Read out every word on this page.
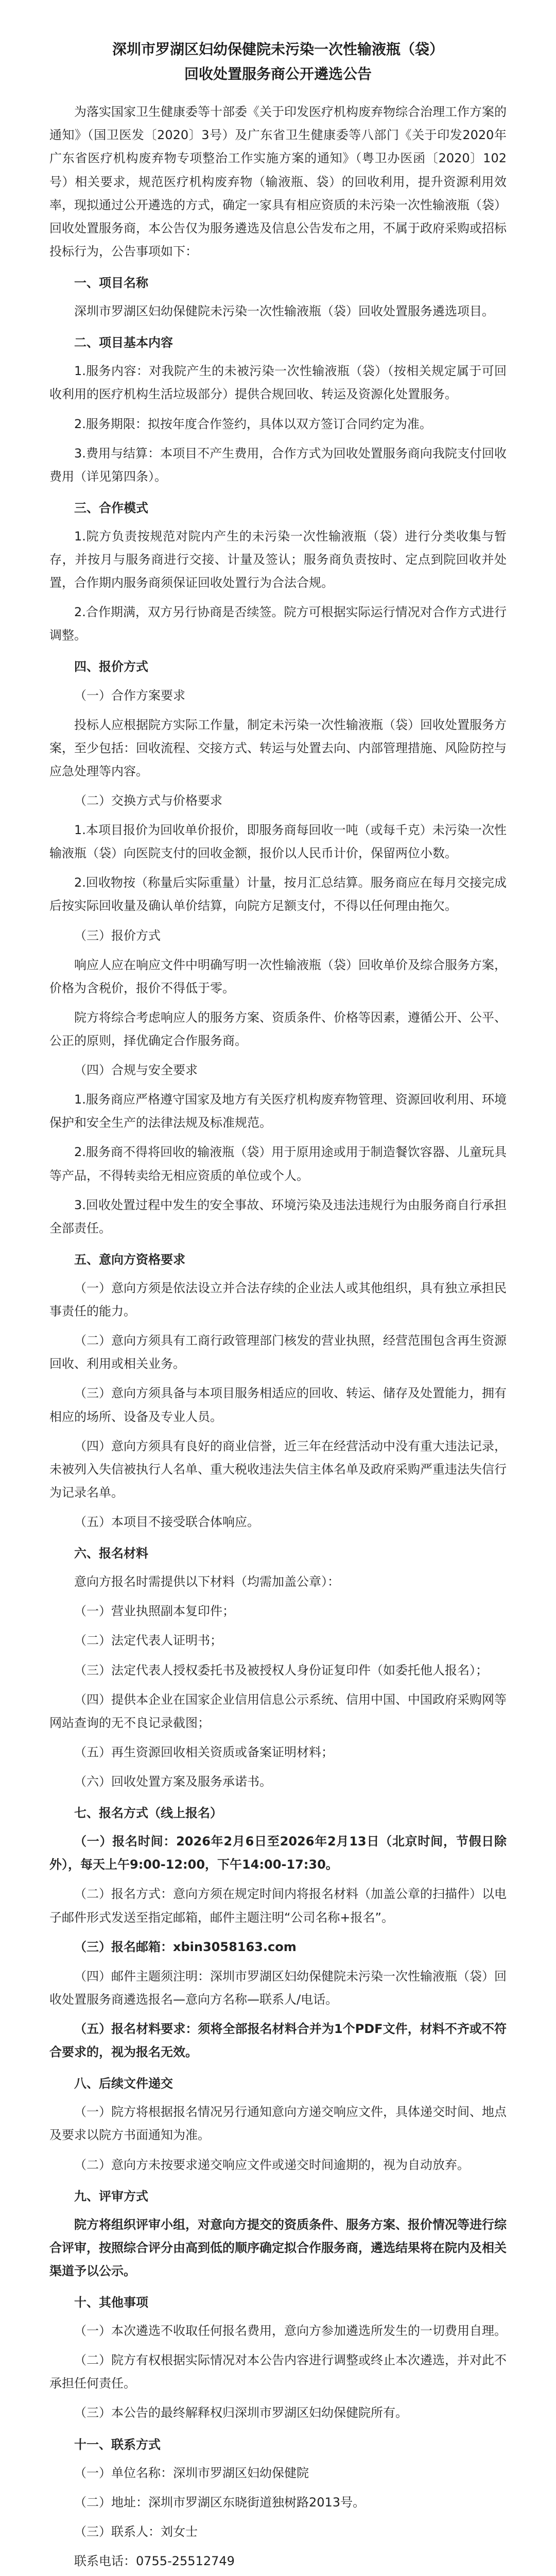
深圳市罗湖区妇幼保健院未污染一次性输液瓶（袋）
回收处置服务商公开遴选公告

为落实国家卫生健康委等十部委《关于印发医疗机构废弃物综合治理工作方案的通知》（国卫医发〔2020〕3号）及广东省卫生健康委等八部门《关于印发2020年广东省医疗机构废弃物专项整治工作实施方案的通知》（粤卫办医函〔2020〕102号）相关要求，规范医疗机构废弃物（输液瓶、袋）的回收利用，提升资源利用效率，现拟通过公开遴选的方式，确定一家具有相应资质的未污染一次性输液瓶（袋）回收处置服务商，本公告仅为服务遴选及信息公告发布之用，不属于政府采购或招标投标行为，公告事项如下：

一、项目名称

深圳市罗湖区妇幼保健院未污染一次性输液瓶（袋）回收处置服务遴选项目。

二、项目基本内容

1.服务内容：对我院产生的未被污染一次性输液瓶（袋）（按相关规定属于可回收利用的医疗机构生活垃圾部分）提供合规回收、转运及资源化处置服务。

2.服务期限：拟按年度合作签约，具体以双方签订合同约定为准。

3.费用与结算：本项目不产生费用，合作方式为回收处置服务商向我院支付回收费用（详见第四条）。

三、合作模式

1.院方负责按规范对院内产生的未污染一次性输液瓶（袋）进行分类收集与暂存，并按月与服务商进行交接、计量及签认；服务商负责按时、定点到院回收并处置，合作期内服务商须保证回收处置行为合法合规。

2.合作期满，双方另行协商是否续签。院方可根据实际运行情况对合作方式进行调整。

四、报价方式

（一）合作方案要求

投标人应根据院方实际工作量，制定未污染一次性输液瓶（袋）回收处置服务方案，至少包括：回收流程、交接方式、转运与处置去向、内部管理措施、风险防控与应急处理等内容。

（二）交换方式与价格要求

1.本项目报价为回收单价报价，即服务商每回收一吨（或每千克）未污染一次性输液瓶（袋）向医院支付的回收金额，报价以人民币计价，保留两位小数。

2.回收物按（称量后实际重量）计量，按月汇总结算。服务商应在每月交接完成后按实际回收量及确认单价结算，向院方足额支付，不得以任何理由拖欠。

（三）报价方式

响应人应在响应文件中明确写明一次性输液瓶（袋）回收单价及综合服务方案，价格为含税价，报价不得低于零。

院方将综合考虑响应人的服务方案、资质条件、价格等因素，遵循公开、公平、公正的原则，择优确定合作服务商。

（四）合规与安全要求

1.服务商应严格遵守国家及地方有关医疗机构废弃物管理、资源回收利用、环境保护和安全生产的法律法规及标准规范。

2.服务商不得将回收的输液瓶（袋）用于原用途或用于制造餐饮容器、儿童玩具等产品，不得转卖给无相应资质的单位或个人。

3.回收处置过程中发生的安全事故、环境污染及违法违规行为由服务商自行承担全部责任。

五、意向方资格要求

（一）意向方须是依法设立并合法存续的企业法人或其他组织，具有独立承担民事责任的能力。

（二）意向方须具有工商行政管理部门核发的营业执照，经营范围包含再生资源回收、利用或相关业务。

（三）意向方须具备与本项目服务相适应的回收、转运、储存及处置能力，拥有相应的场所、设备及专业人员。

（四）意向方须具有良好的商业信誉，近三年在经营活动中没有重大违法记录，未被列入失信被执行人名单、重大税收违法失信主体名单及政府采购严重违法失信行为记录名单。

（五）本项目不接受联合体响应。

六、报名材料

意向方报名时需提供以下材料（均需加盖公章）：

（一）营业执照副本复印件；

（二）法定代表人证明书；

（三）法定代表人授权委托书及被授权人身份证复印件（如委托他人报名）；

（四）提供本企业在国家企业信用信息公示系统、信用中国、中国政府采购网等网站查询的无不良记录截图；

（五）再生资源回收相关资质或备案证明材料；

（六）回收处置方案及服务承诺书。

七、报名方式（线上报名）

（一）报名时间：2026年2月6日至2026年2月13日（北京时间，节假日除外），每天上午9:00-12:00，下午14:00-17:30。

（二）报名方式：意向方须在规定时间内将报名材料（加盖公章的扫描件）以电子邮件形式发送至指定邮箱，邮件主题注明“公司名称+报名”。

（三）报名邮箱：xbin3058163.com

（四）邮件主题须注明：深圳市罗湖区妇幼保健院未污染一次性输液瓶（袋）回收处置服务商遴选报名—意向方名称—联系人/电话。

（五）报名材料要求：须将全部报名材料合并为1个PDF文件，材料不齐或不符合要求的，视为报名无效。

八、后续文件递交

（一）院方将根据报名情况另行通知意向方递交响应文件，具体递交时间、地点及要求以院方书面通知为准。

（二）意向方未按要求递交响应文件或递交时间逾期的，视为自动放弃。

九、评审方式

院方将组织评审小组，对意向方提交的资质条件、服务方案、报价情况等进行综合评审，按照综合评分由高到低的顺序确定拟合作服务商，遴选结果将在院内及相关渠道予以公示。

十、其他事项

（一）本次遴选不收取任何报名费用，意向方参加遴选所发生的一切费用自理。

（二）院方有权根据实际情况对本公告内容进行调整或终止本次遴选，并对此不承担任何责任。

（三）本公告的最终解释权归深圳市罗湖区妇幼保健院所有。

十一、联系方式

（一）单位名称：深圳市罗湖区妇幼保健院

（二）地址：深圳市罗湖区东晓街道独树路2013号。

（三）联系人：刘女士

联系电话：0755-25512749
